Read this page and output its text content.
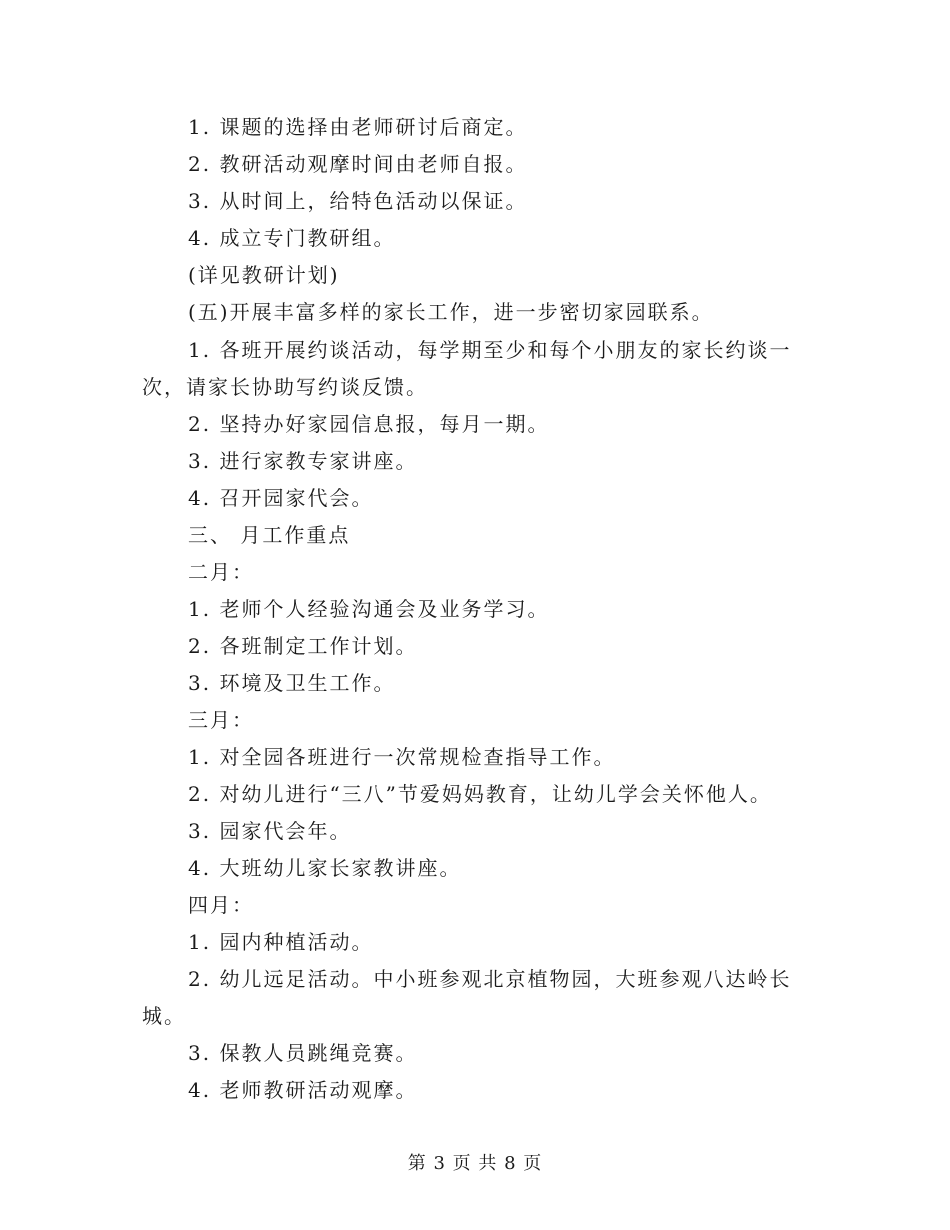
1. 课题的选择由老师研讨后商定。
2. 教研活动观摩时间由老师自报。
3. 从时间上，给特色活动以保证。
4. 成立专门教研组。
(详见教研计划)
(五)开展丰富多样的家长工作，进一步密切家园联系。
1. 各班开展约谈活动，每学期至少和每个小朋友的家长约谈一
次，请家长协助写约谈反馈。
2. 坚持办好家园信息报，每月一期。
3. 进行家教专家讲座。
4. 召开园家代会。
三、 月工作重点
二月：
1. 老师个人经验沟通会及业务学习。
2. 各班制定工作计划。
3. 环境及卫生工作。
三月：
1. 对全园各班进行一次常规检查指导工作。
2. 对幼儿进行“三八”节爱妈妈教育，让幼儿学会关怀他人。
3. 园家代会年。
4. 大班幼儿家长家教讲座。
四月：
1. 园内种植活动。
2. 幼儿远足活动。中小班参观北京植物园，大班参观八达岭长
城。
3. 保教人员跳绳竞赛。
4. 老师教研活动观摩。
第 3 页 共 8 页
